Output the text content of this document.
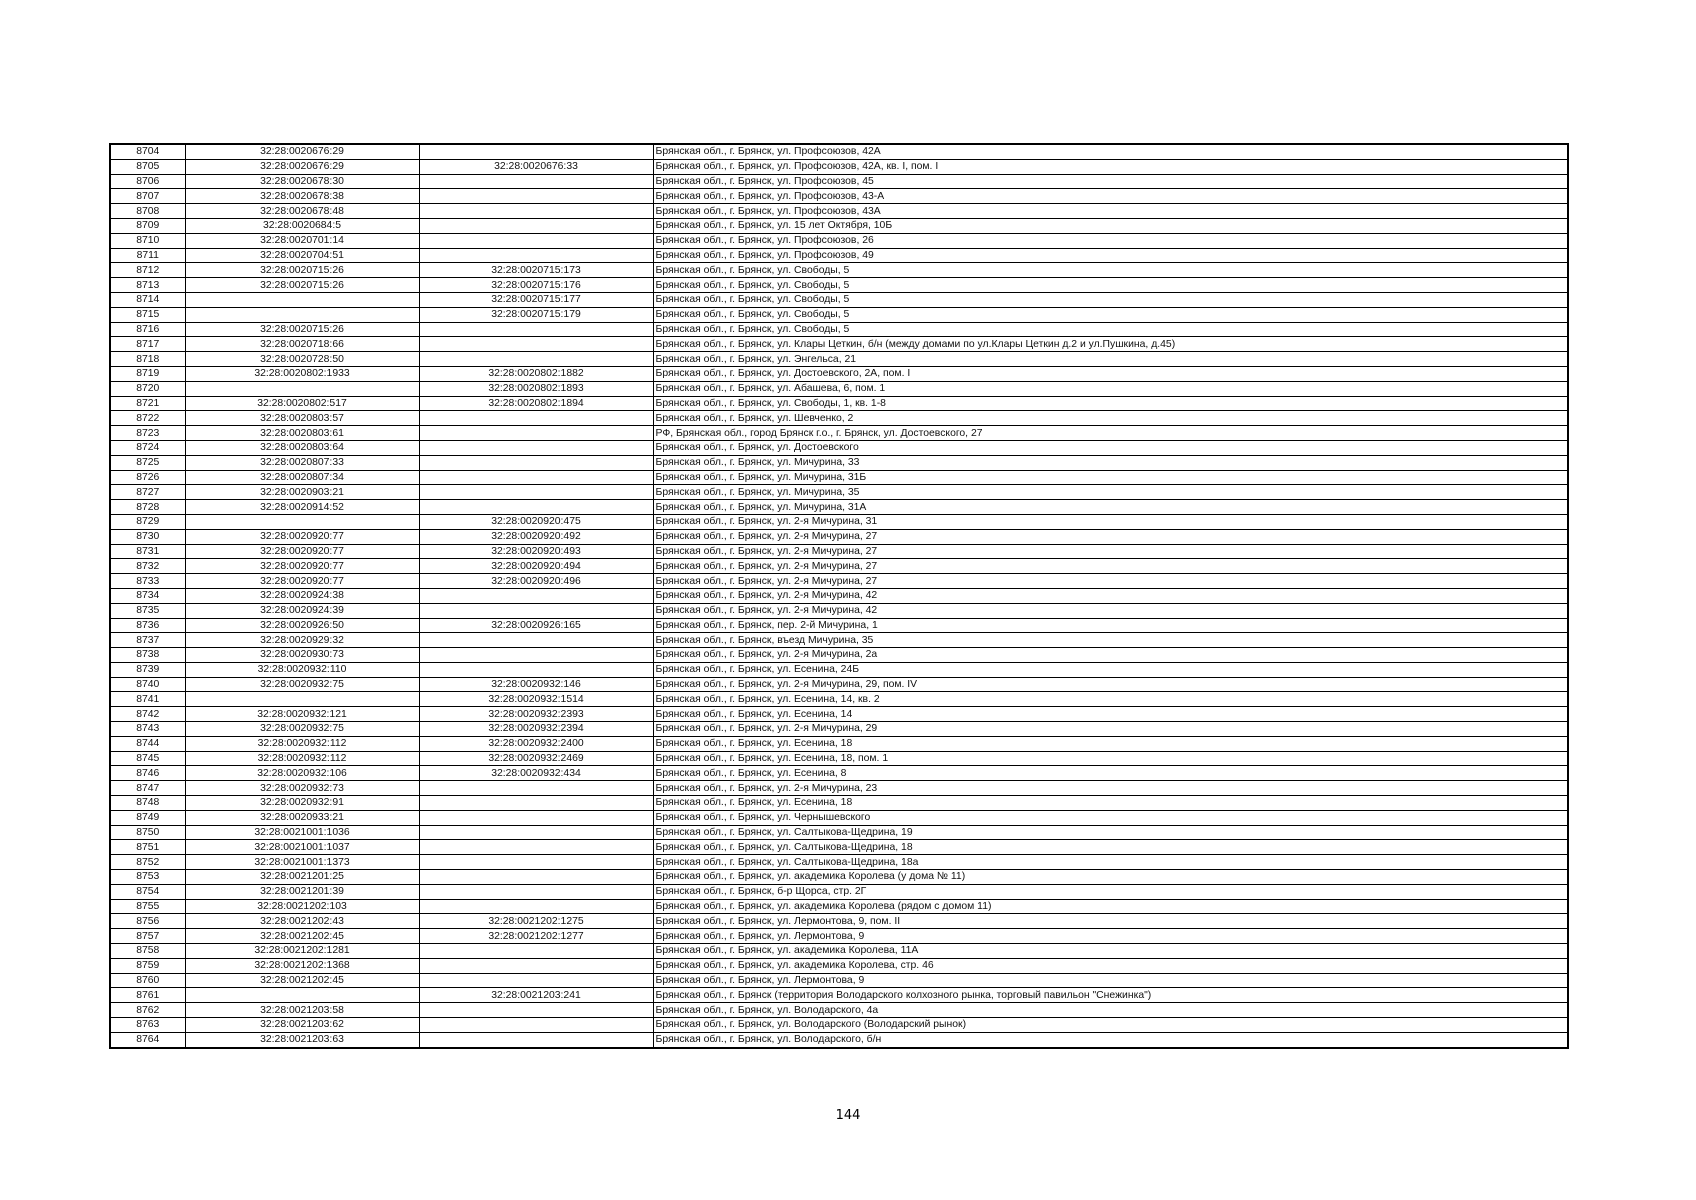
8704	32:28:0020676:29		Брянская обл., г. Брянск, ул. Профсоюзов, 42А
8705	32:28:0020676:29	32:28:0020676:33	Брянская обл., г. Брянск, ул. Профсоюзов, 42А, кв. I, пом. I
8706	32:28:0020678:30		Брянская обл., г. Брянск, ул. Профсоюзов, 45
8707	32:28:0020678:38		Брянская обл., г. Брянск, ул. Профсоюзов, 43-А
8708	32:28:0020678:48		Брянская обл., г. Брянск, ул. Профсоюзов, 43А
8709	32:28:0020684:5		Брянская обл., г. Брянск, ул. 15 лет Октября, 10Б
8710	32:28:0020701:14		Брянская обл., г. Брянск, ул. Профсоюзов, 26
8711	32:28:0020704:51		Брянская обл., г. Брянск, ул. Профсоюзов, 49
8712	32:28:0020715:26	32:28:0020715:173	Брянская обл., г. Брянск, ул. Свободы, 5
8713	32:28:0020715:26	32:28:0020715:176	Брянская обл., г. Брянск, ул. Свободы, 5
8714		32:28:0020715:177	Брянская обл., г. Брянск, ул. Свободы, 5
8715		32:28:0020715:179	Брянская обл., г. Брянск, ул. Свободы, 5
8716	32:28:0020715:26		Брянская обл., г. Брянск, ул. Свободы, 5
8717	32:28:0020718:66		Брянская обл., г. Брянск, ул. Клары Цеткин, б/н (между домами по ул.Клары Цеткин д.2 и ул.Пушкина, д.45)
8718	32:28:0020728:50		Брянская обл., г. Брянск, ул. Энгельса, 21
8719	32:28:0020802:1933	32:28:0020802:1882	Брянская обл., г. Брянск, ул. Достоевского, 2А, пом. I
8720		32:28:0020802:1893	Брянская обл., г. Брянск, ул. Абашева, 6, пом. 1
8721	32:28:0020802:517	32:28:0020802:1894	Брянская обл., г. Брянск, ул. Свободы, 1, кв. 1-8
8722	32:28:0020803:57		Брянская обл., г. Брянск, ул. Шевченко, 2
8723	32:28:0020803:61		РФ, Брянская обл., город Брянск г.о., г. Брянск, ул. Достоевского, 27
8724	32:28:0020803:64		Брянская обл., г. Брянск, ул. Достоевского
8725	32:28:0020807:33		Брянская обл., г. Брянск, ул. Мичурина, 33
8726	32:28:0020807:34		Брянская обл., г. Брянск, ул. Мичурина, 31Б
8727	32:28:0020903:21		Брянская обл., г. Брянск, ул. Мичурина, 35
8728	32:28:0020914:52		Брянская обл., г. Брянск, ул. Мичурина, 31А
8729		32:28:0020920:475	Брянская обл., г. Брянск, ул. 2-я Мичурина, 31
8730	32:28:0020920:77	32:28:0020920:492	Брянская обл., г. Брянск, ул. 2-я Мичурина, 27
8731	32:28:0020920:77	32:28:0020920:493	Брянская обл., г. Брянск, ул. 2-я Мичурина, 27
8732	32:28:0020920:77	32:28:0020920:494	Брянская обл., г. Брянск, ул. 2-я Мичурина, 27
8733	32:28:0020920:77	32:28:0020920:496	Брянская обл., г. Брянск, ул. 2-я Мичурина, 27
8734	32:28:0020924:38		Брянская обл., г. Брянск, ул. 2-я Мичурина, 42
8735	32:28:0020924:39		Брянская обл., г. Брянск, ул. 2-я Мичурина, 42
8736	32:28:0020926:50	32:28:0020926:165	Брянская обл., г. Брянск, пер. 2-й Мичурина, 1
8737	32:28:0020929:32		Брянская обл., г. Брянск, въезд Мичурина, 35
8738	32:28:0020930:73		Брянская обл., г. Брянск, ул. 2-я Мичурина, 2а
8739	32:28:0020932:110		Брянская обл., г. Брянск, ул. Есенина, 24Б
8740	32:28:0020932:75	32:28:0020932:146	Брянская обл., г. Брянск, ул. 2-я Мичурина, 29, пом. IV
8741		32:28:0020932:1514	Брянская обл., г. Брянск, ул. Есенина, 14, кв. 2
8742	32:28:0020932:121	32:28:0020932:2393	Брянская обл., г. Брянск, ул. Есенина, 14
8743	32:28:0020932:75	32:28:0020932:2394	Брянская обл., г. Брянск, ул. 2-я Мичурина, 29
8744	32:28:0020932:112	32:28:0020932:2400	Брянская обл., г. Брянск, ул. Есенина, 18
8745	32:28:0020932:112	32:28:0020932:2469	Брянская обл., г. Брянск, ул. Есенина, 18, пом. 1
8746	32:28:0020932:106	32:28:0020932:434	Брянская обл., г. Брянск, ул. Есенина, 8
8747	32:28:0020932:73		Брянская обл., г. Брянск, ул. 2-я Мичурина, 23
8748	32:28:0020932:91		Брянская обл., г. Брянск, ул. Есенина, 18
8749	32:28:0020933:21		Брянская обл., г. Брянск, ул. Чернышевского
8750	32:28:0021001:1036		Брянская обл., г. Брянск, ул. Салтыкова-Щедрина, 19
8751	32:28:0021001:1037		Брянская обл., г. Брянск, ул. Салтыкова-Щедрина, 18
8752	32:28:0021001:1373		Брянская обл., г. Брянск, ул. Салтыкова-Щедрина, 18а
8753	32:28:0021201:25		Брянская обл., г. Брянск, ул. академика Королева (у дома № 11)
8754	32:28:0021201:39		Брянская обл., г. Брянск, б-р Щорса, стр. 2Г
8755	32:28:0021202:103		Брянская обл., г. Брянск, ул. академика Королева (рядом с домом 11)
8756	32:28:0021202:43	32:28:0021202:1275	Брянская обл., г. Брянск, ул. Лермонтова, 9, пом. II
8757	32:28:0021202:45	32:28:0021202:1277	Брянская обл., г. Брянск, ул. Лермонтова, 9
8758	32:28:0021202:1281		Брянская обл., г. Брянск, ул. академика Королева, 11А
8759	32:28:0021202:1368		Брянская обл., г. Брянск, ул. академика Королева, стр. 46
8760	32:28:0021202:45		Брянская обл., г. Брянск, ул. Лермонтова, 9
8761		32:28:0021203:241	Брянская обл., г. Брянск (территория Володарского колхозного рынка, торговый павильон "Снежинка")
8762	32:28:0021203:58		Брянская обл., г. Брянск, ул. Володарского, 4а
8763	32:28:0021203:62		Брянская обл., г. Брянск, ул. Володарского (Володарский рынок)
8764	32:28:0021203:63		Брянская обл., г. Брянск, ул. Володарского, б/н
144
